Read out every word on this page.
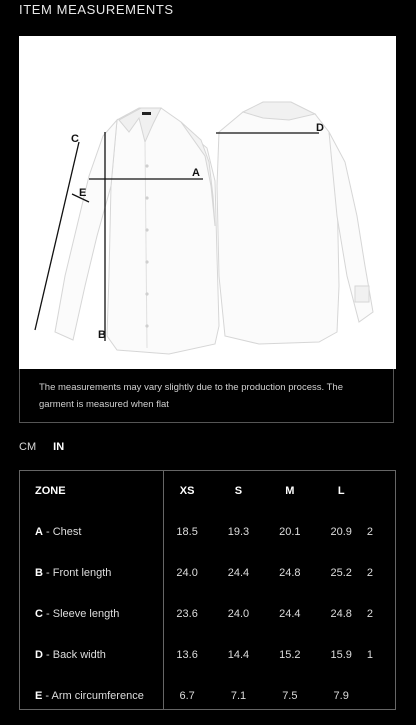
ITEM MEASUREMENTS
A
B
C
D
E
The measurements may vary slightly due to the production process. The garment is measured when flat
CM IN
ZONE	XS	S	M	L	
A - Chest	18.5	19.3	20.1	20.9	2
B - Front length	24.0	24.4	24.8	25.2	2
C - Sleeve length	23.6	24.0	24.4	24.8	2
D - Back width	13.6	14.4	15.2	15.9	1
E - Arm circumference	6.7	7.1	7.5	7.9	
